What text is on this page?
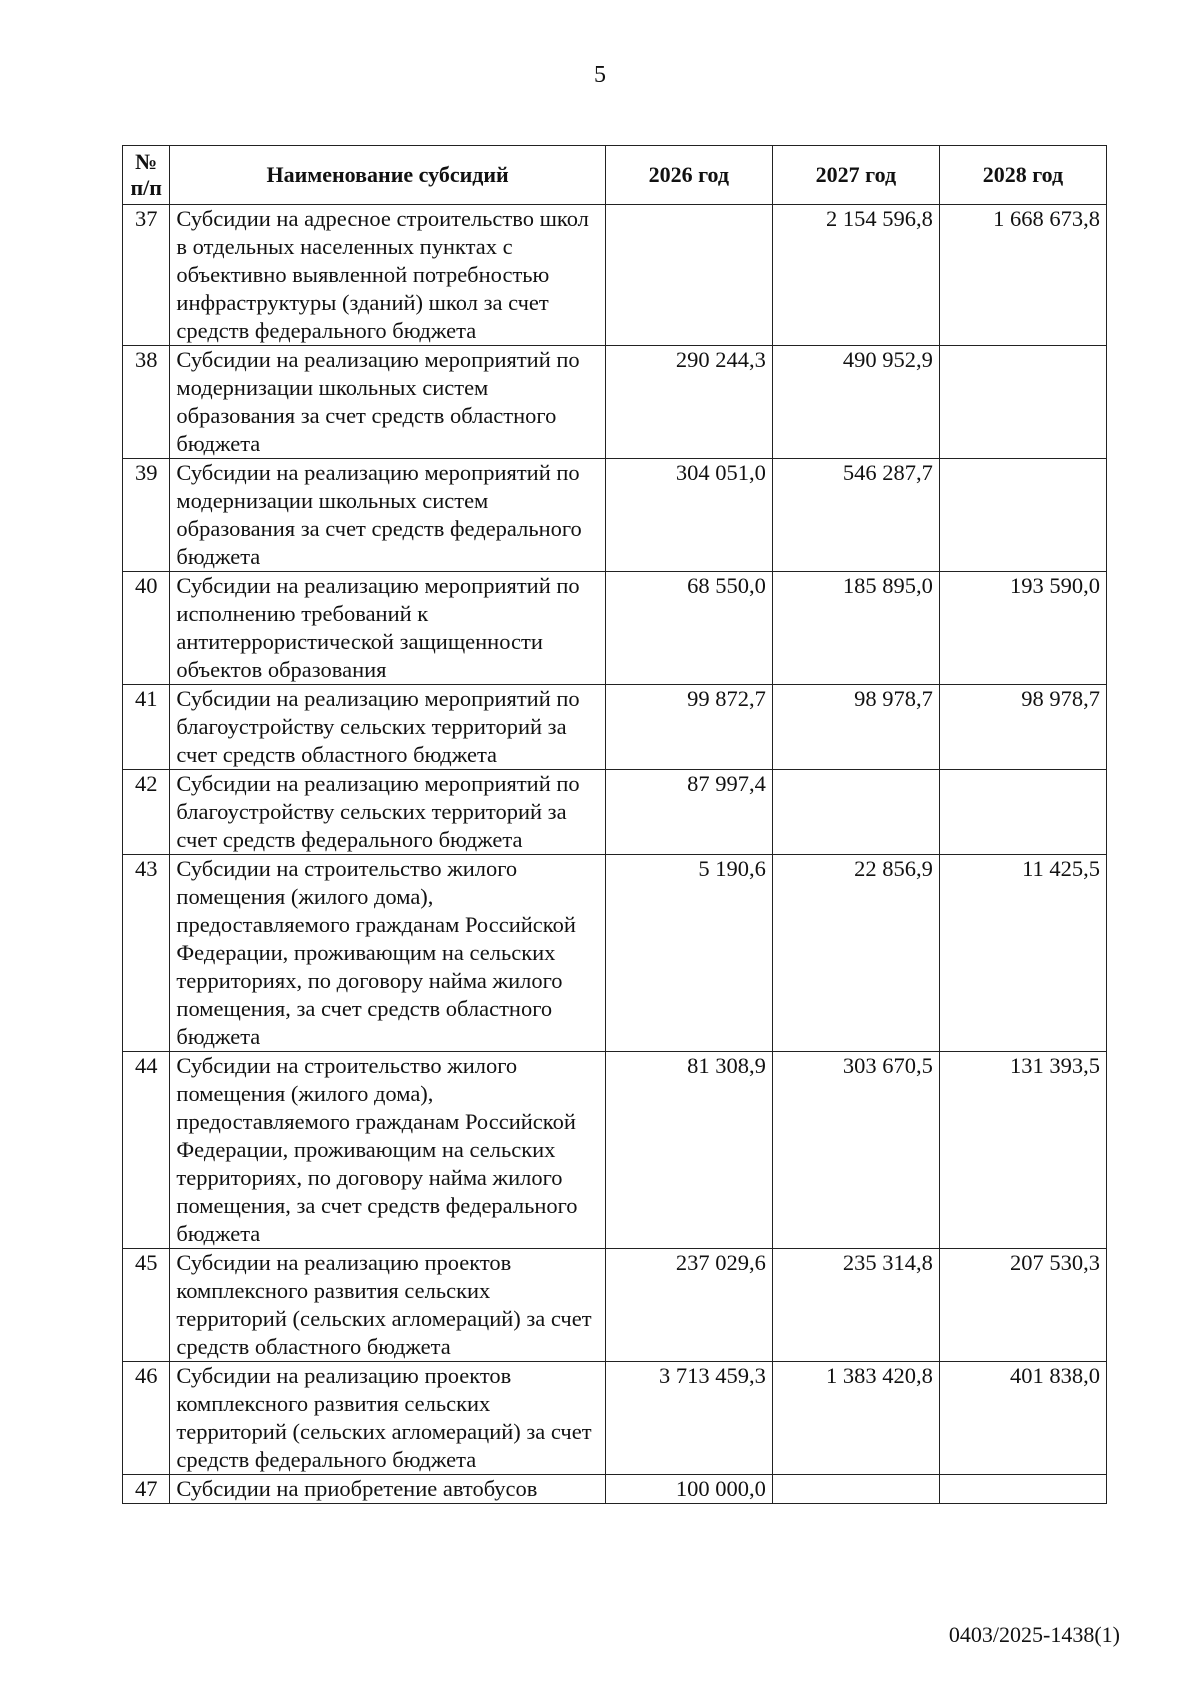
5
№ п/п	Наименование субсидий	2026 год	2027 год	2028 год
37	Субсидии на адресное строительство школ в отдельных населенных пунктах с объективно выявленной потребностью инфраструктуры (зданий) школ за счет средств федерального бюджета		2 154 596,8	1 668 673,8
38	Субсидии на реализацию мероприятий по модернизации школьных систем образования за счет средств областного бюджета	290 244,3	490 952,9	
39	Субсидии на реализацию мероприятий по модернизации школьных систем образования за счет средств федерального бюджета	304 051,0	546 287,7	
40	Субсидии на реализацию мероприятий по исполнению требований к антитеррористической защищенности объектов образования	68 550,0	185 895,0	193 590,0
41	Субсидии на реализацию мероприятий по благоустройству сельских территорий за счет средств областного бюджета	99 872,7	98 978,7	98 978,7
42	Субсидии на реализацию мероприятий по благоустройству сельских территорий за счет средств федерального бюджета	87 997,4		
43	Субсидии на строительство жилого помещения (жилого дома), предоставляемого гражданам Российской Федерации, проживающим на сельских территориях, по договору найма жилого помещения, за счет средств областного бюджета	5 190,6	22 856,9	11 425,5
44	Субсидии на строительство жилого помещения (жилого дома), предоставляемого гражданам Российской Федерации, проживающим на сельских территориях, по договору найма жилого помещения, за счет средств федерального бюджета	81 308,9	303 670,5	131 393,5
45	Субсидии на реализацию проектов комплексного развития сельских территорий (сельских агломераций) за счет средств областного бюджета	237 029,6	235 314,8	207 530,3
46	Субсидии на реализацию проектов комплексного развития сельских территорий (сельских агломераций) за счет средств федерального бюджета	3 713 459,3	1 383 420,8	401 838,0
47	Субсидии на приобретение автобусов	100 000,0		
0403/2025-1438(1)
